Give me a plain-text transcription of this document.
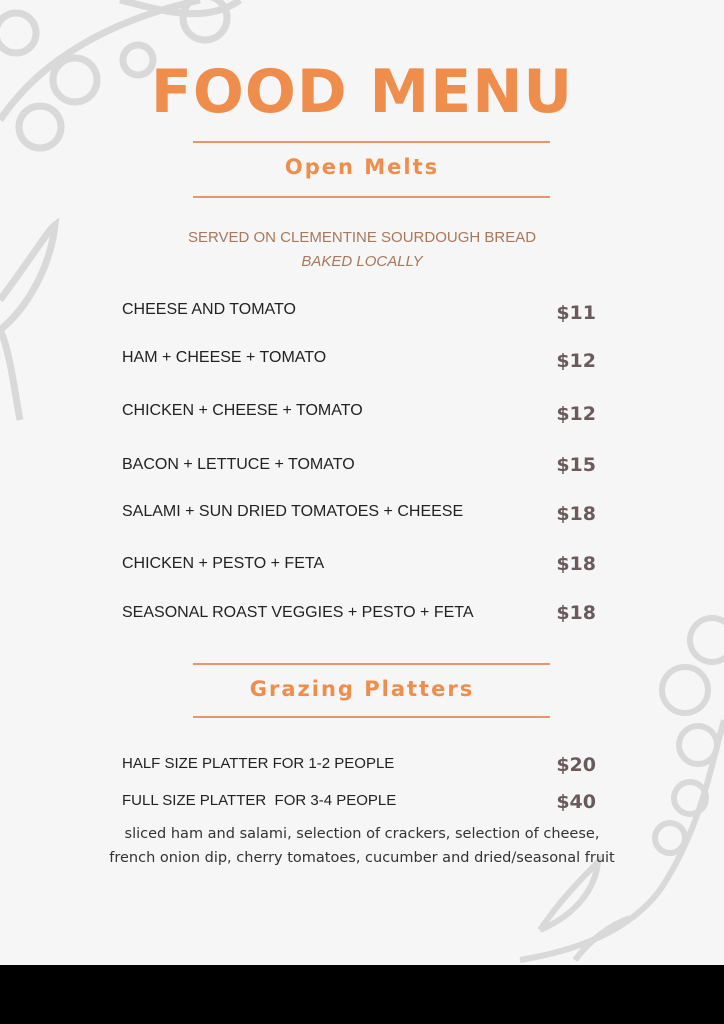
FOOD MENU
Open Melts
SERVED ON CLEMENTINE SOURDOUGH BREAD
BAKED LOCALLY
CHEESE AND TOMATO	$11
HAM + CHEESE + TOMATO	$12
CHICKEN + CHEESE + TOMATO	$12
BACON + LETTUCE + TOMATO	$15
SALAMI + SUN DRIED TOMATOES + CHEESE	$18
CHICKEN + PESTO + FETA	$18
SEASONAL ROAST VEGGIES + PESTO + FETA	$18
Grazing Platters
HALF SIZE PLATTER FOR 1-2 PEOPLE	$20
FULL SIZE PLATTER  FOR 3-4 PEOPLE	$40
sliced ham and salami, selection of crackers, selection of cheese,
french onion dip, cherry tomatoes, cucumber and dried/seasonal fruit
